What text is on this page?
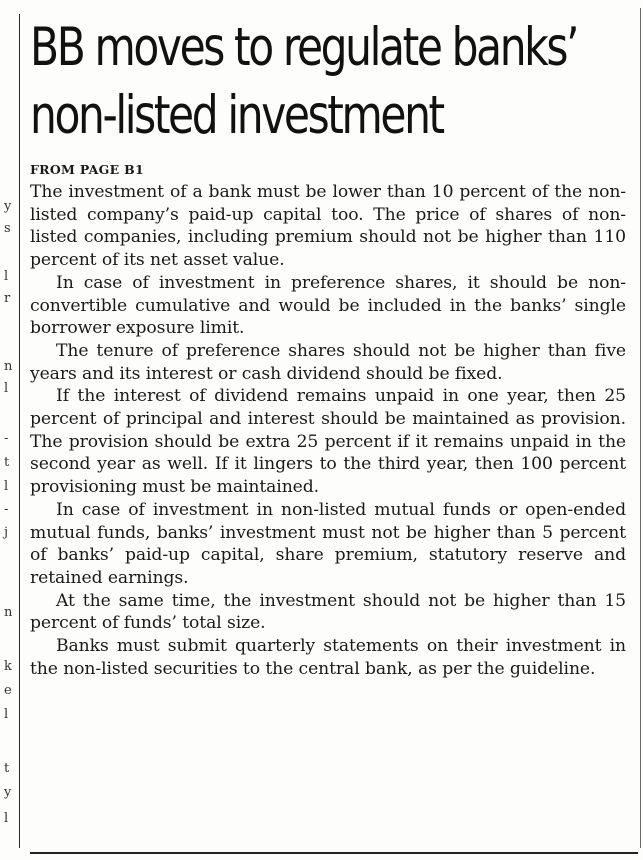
y
s
l
r
n
l
-
t
l
-
j
n
k
e
l
t
y
l
BB moves to regulate banks’
non-listed investment
FROM PAGE B1

The investment of a bank must be lower than 10 percent of the non-listed company’s paid-up capital too. The price of shares of non-listed companies, including premium should not be higher than 110 percent of its net asset value.

In case of investment in preference shares, it should be non-convertible cumulative and would be included in the banks’ single borrower exposure limit.

The tenure of preference shares should not be higher than five years and its interest or cash dividend should be fixed.

If the interest of dividend remains unpaid in one year, then 25 percent of principal and interest should be maintained as provision. The provision should be extra 25 percent if it remains unpaid in the second year as well. If it lingers to the third year, then 100 percent provisioning must be maintained.

In case of investment in non-listed mutual funds or open-ended mutual funds, banks’ investment must not be higher than 5 percent of banks’ paid-up capital, share premium, statutory reserve and retained earnings.

At the same time, the investment should not be higher than 15 percent of funds’ total size.

Banks must submit quarterly statements on their investment in the non-listed securities to the central bank, as per the guideline.
